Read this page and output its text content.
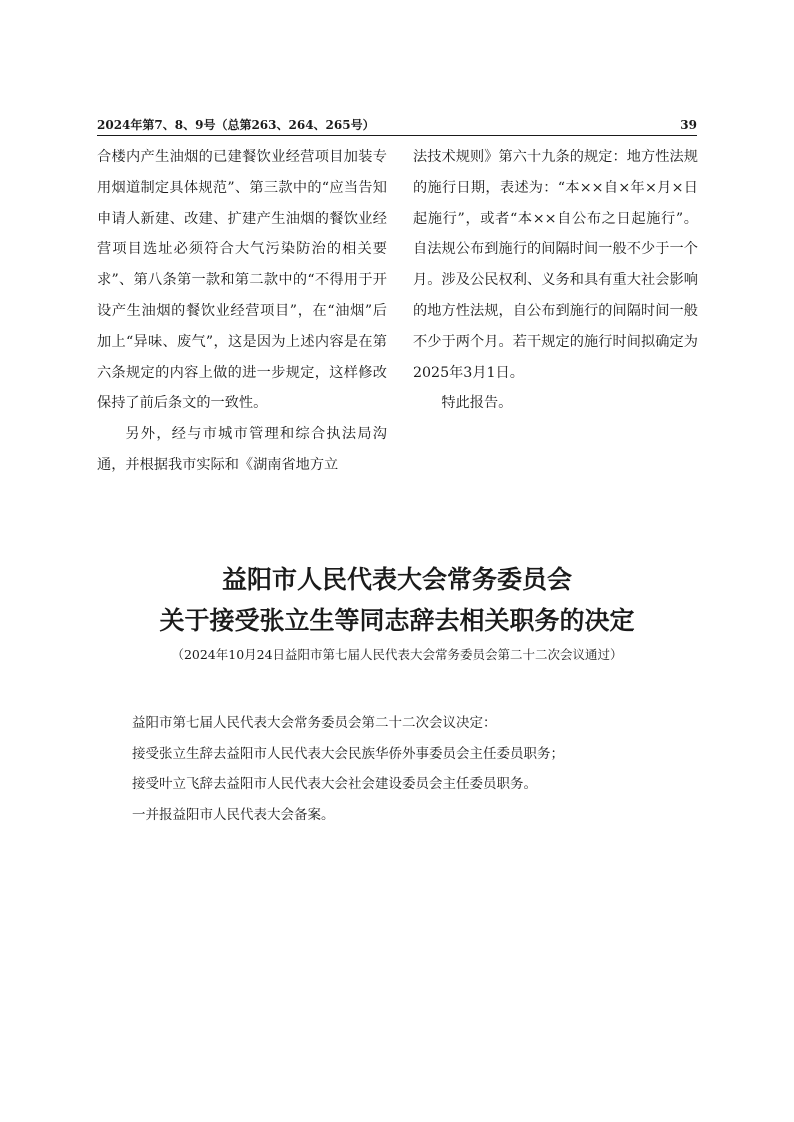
2024年第7、8、9号（总第263、264、265号）	39

合楼内产生油烟的已建餐饮业经营项目加装专用烟道制定具体规范”、第三款中的“应当告知申请人新建、改建、扩建产生油烟的餐饮业经营项目选址必须符合大气污染防治的相关要求”、第八条第一款和第二款中的“不得用于开设产生油烟的餐饮业经营项目”，在“油烟”后加上“异味、废气”，这是因为上述内容是在第六条规定的内容上做的进一步规定，这样修改保持了前后条文的一致性。

另外，经与市城市管理和综合执法局沟通，并根据我市实际和《湖南省地方立

法技术规则》第六十九条的规定：地方性法规的施行日期，表述为：“本××自×年×月×日起施行”，或者“本××自公布之日起施行”。自法规公布到施行的间隔时间一般不少于一个月。涉及公民权利、义务和具有重大社会影响的地方性法规，自公布到施行的间隔时间一般不少于两个月。若干规定的施行时间拟确定为2025年3月1日。

特此报告。

益阳市人民代表大会常务委员会
关于接受张立生等同志辞去相关职务的决定

（2024年10月24日益阳市第七届人民代表大会常务委员会第二十二次会议通过）

益阳市第七届人民代表大会常务委员会第二十二次会议决定：

接受张立生辞去益阳市人民代表大会民族华侨外事委员会主任委员职务；

接受叶立飞辞去益阳市人民代表大会社会建设委员会主任委员职务。

一并报益阳市人民代表大会备案。
